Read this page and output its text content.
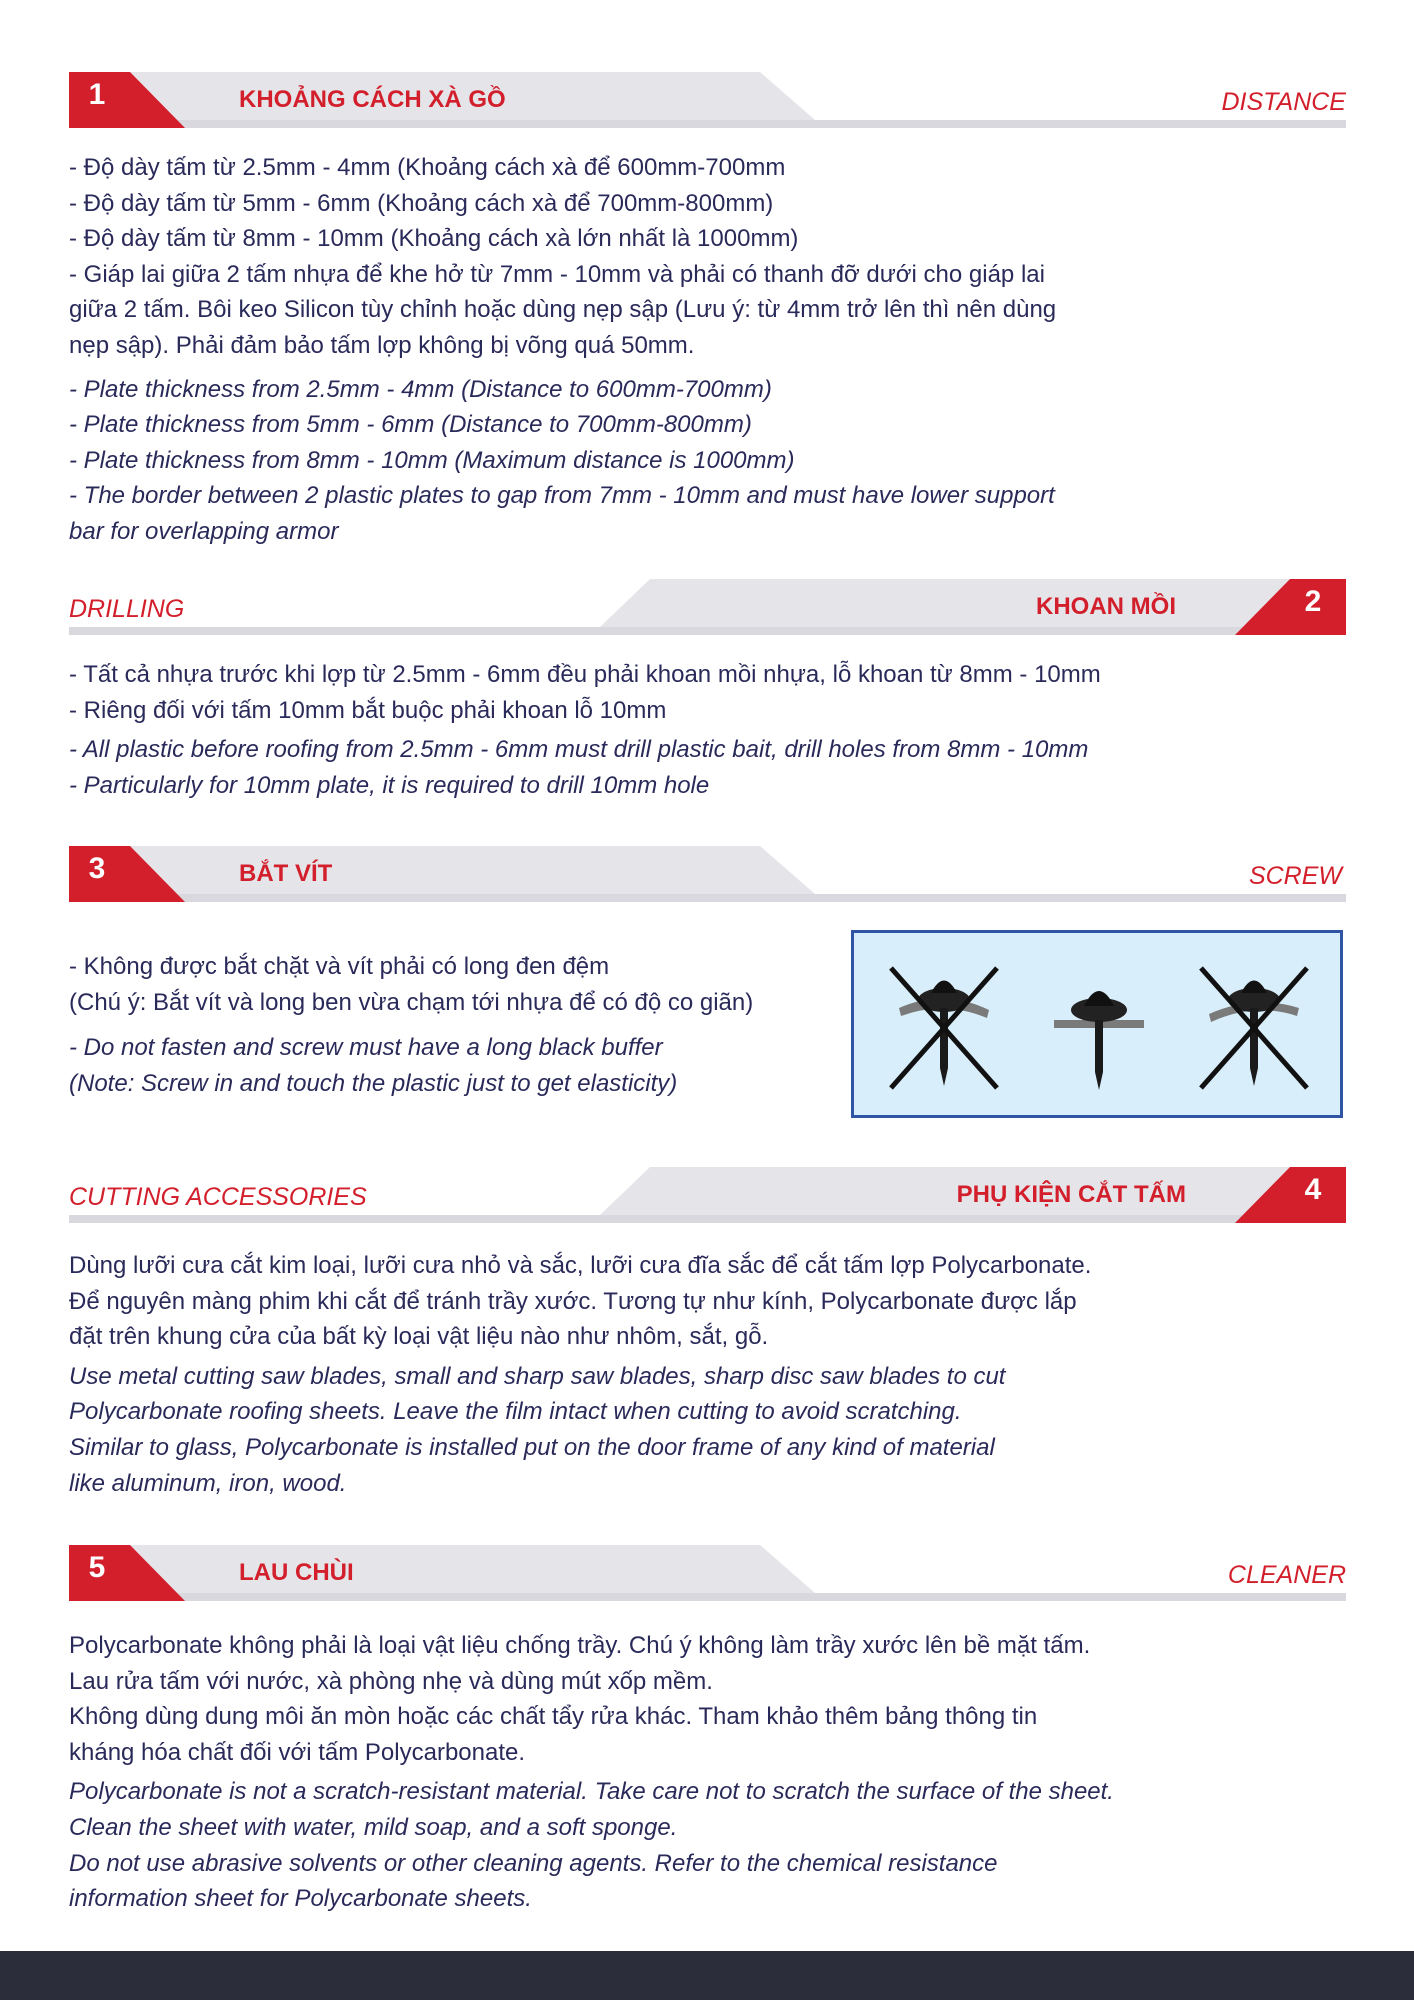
1	KHOẢNG CÁCH XÀ GỒ	DISTANCE

- Độ dày tấm từ 2.5mm - 4mm (Khoảng cách xà để 600mm-700mm

- Độ dày tấm từ 5mm - 6mm (Khoảng cách xà để 700mm-800mm)

- Độ dày tấm từ 8mm - 10mm (Khoảng cách xà lớn nhất là 1000mm)

- Giáp lai giữa 2 tấm nhựa để khe hở từ 7mm - 10mm và phải có thanh đỡ dưới cho giáp lai

giữa 2 tấm. Bôi keo Silicon tùy chỉnh hoặc dùng nẹp sập (Lưu ý: từ 4mm trở lên thì nên dùng

nẹp sập). Phải đảm bảo tấm lợp không bị võng quá 50mm.

- Plate thickness from 2.5mm - 4mm (Distance to 600mm-700mm)

- Plate thickness from 5mm - 6mm (Distance to 700mm-800mm)

- Plate thickness from 8mm - 10mm (Maximum distance is 1000mm)

- The border between 2 plastic plates to gap from 7mm - 10mm and must have lower support

bar for overlapping armor

DRILLING	KHOAN MỒI	2

- Tất cả nhựa trước khi lợp từ 2.5mm - 6mm đều phải khoan mồi nhựa, lỗ khoan từ 8mm - 10mm

- Riêng đối với tấm 10mm bắt buộc phải khoan lỗ 10mm

- All plastic before roofing from 2.5mm - 6mm must drill plastic bait, drill holes from 8mm - 10mm

- Particularly for 10mm plate, it is required to drill 10mm hole

3	BẮT VÍT	SCREW

- Không được bắt chặt và vít phải có long đen đệm

(Chú ý: Bắt vít và long ben vừa chạm tới nhựa để có độ co giãn)

- Do not fasten and screw must have a long black buffer

(Note: Screw in and touch the plastic just to get elasticity)

CUTTING ACCESSORIES	PHỤ KIỆN CẮT TẤM	4

Dùng lưỡi cưa cắt kim loại, lưỡi cưa nhỏ và sắc, lưỡi cưa đĩa sắc để cắt tấm lợp Polycarbonate.

Để nguyên màng phim khi cắt để tránh trầy xước. Tương tự như kính, Polycarbonate được lắp

đặt trên khung cửa của bất kỳ loại vật liệu nào như nhôm, sắt, gỗ.

Use metal cutting saw blades, small and sharp saw blades, sharp disc saw blades to cut

Polycarbonate roofing sheets. Leave the film intact when cutting to avoid scratching.

Similar to glass, Polycarbonate is installed put on the door frame of any kind of material

like aluminum, iron, wood.

5	LAU CHÙI	CLEANER

Polycarbonate không phải là loại vật liệu chống trầy. Chú ý không làm trầy xước lên bề mặt tấm.

Lau rửa tấm với nước, xà phòng nhẹ và dùng mút xốp mềm.

Không dùng dung môi ăn mòn hoặc các chất tẩy rửa khác. Tham khảo thêm bảng thông tin

kháng hóa chất đối với tấm Polycarbonate.

Polycarbonate is not a scratch-resistant material. Take care not to scratch the surface of the sheet.

Clean the sheet with water, mild soap, and a soft sponge.

Do not use abrasive solvents or other cleaning agents. Refer to the chemical resistance

information sheet for Polycarbonate sheets.
